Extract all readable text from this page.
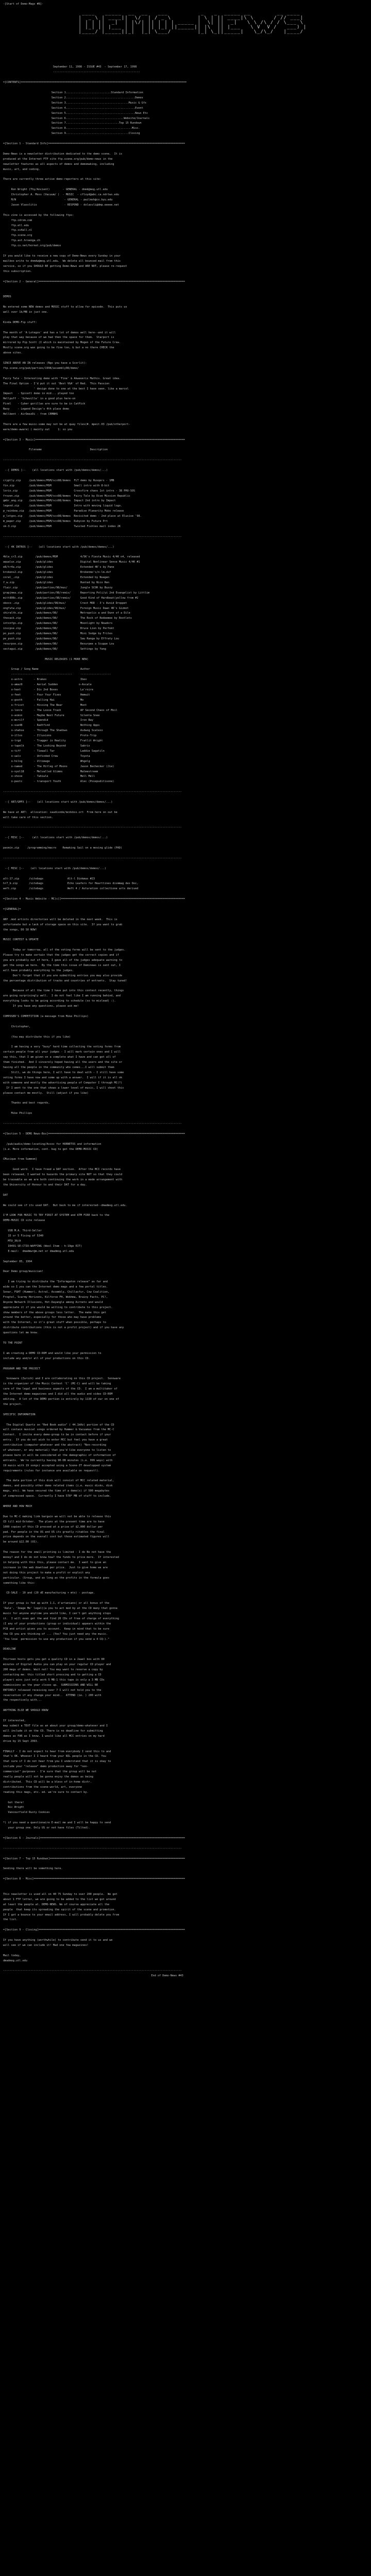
-[Start of Demo-Mags #8]-
____   _____  __  __   ___          _   _  _____ __        __ ____
|  _ \ | ____||  \/  | / _ \        | \ | || ____|\ \      / // ___|
| | | ||  _|  | |\/| || | | | _____ |  \| ||  _|   \ \ /\ / / \___ \
| |_| || |___ | |  | || |_| ||_____|| |\  || |___   \ V  V /   ___) |
|____/ |_____||_|  |_| \___/        |_| \_||_____|   \_/\_/   |____/

September 11, 1998 - ISSUE #43  - September 17, 1998
------------------------------------------------------

=[CONTENTS]=======================================================================================================

Section 1............................Standard Information
Section 2...........................................Demos
Section 3.......................................Music & Gfx
Section 4...........................................Event
Section 5...........................................News Etc
Section 6....................................Website/Journals
Section 7.................................Top 15 Rundown
Section 8.........................................Misc.
Section 9.......................................Closing

=[Section 1 - Standard Info]=====================================================================================

Demo-News is a newsletter distribution dedicated to the demo scene.  It is
produced at the Internet FTP site ftp.scene.org/pub/demo-news in the
newsletter features as all aspects of demos and demomaking, including
music, art, and coding.

There are currently three active demo-reporters at this site:

Ron Wright (Thy/Ancient)        - GENERAL - dnmd@mog.utl.edu
Christopher A. Moss (Vacuum/ )  - MUSIC  - cfloyd@abc.ca.ndrtws.edu
M/N                              - GENERAL - pwilmsh@cs.byu.edu
Jason Vlasvlitis                 - RESPOND - dvlasvli@dmp.eeeee.net

This zine is accessed by the following ftps:
ftp.cdrom.com
ftp.etl.edu
ftp.xs4all.nl
ftp.scene.org
ftp.ast.hroenga.ch
ftp.cs.net/hornet.org/pub/demos

If you would like to receive a new copy of Demo-News every Sunday in your
mailbox write to dnmdw@mog.utl.edu.  We delete all bounced mail from this
service, so if you SHOULD BE getting Demo-News and ARE NOT, please re-request
this subscription.

=[Section 2 - General]===========================================================================================

DEMOS

No entered some NEW demos and MUSIC stuff to allow for episode.  This puts us
well over 1k/MB in just one.

Kinda DEMO-Fip stuff:

The month of 'A Lotegos' and has a lot of demos well here--and it will
play that way because of we had then the space for them.  Starport is
mirrored by Pip Scott (I which is maintained by Mogen of the Future Crew.
Mostly scene.org was going to be fine too, & but a no there CHECK the
above sites.

SINCE ABOVE AN IN releases (Ngo you have a Scorlit):
ftp.scene.org/pub/parties/1998/assembly98/demo/

Fairy Tale - Interesting demo with 'Fine' & Akwaveris Mathis. Great idea.
The Final Option - I'd put it out 'Best VGA' of Red.  This Passion
' design done to one at the best I have seen. like a marcol
Impact   - Spicetl demo in mid... played too
Hellpuff - 'Scheville' in a good plus here-on
Pixel    - Cyber gorillas are sure to be in CatPick
Navy     - Legend Design's 4th place demo
Hellbent - AirDeezDi - from CRMNHS

There are a few music-some may not be at quay files(#. mpeit.03 /pub/otherport-
ware/demo-aware) ( mainly out     1: so you

=[Section 3 - Music]=============================================================================================

Filename                              Description

---------------------------------------------------------------------------------------------------------------

--[ DEMOS ]--    (all locations start with /pub/demos/demos/...)

cryptly.zip     /pub/demos/MSM/scs98/demos  FLT demo by Rusqers - 1MB
fin.zip         /pub/demos/MSM              Small intro with 8-bit
lorix.zip       /pub/demos/MSM              Crossfire chaos 1st intro - 38 PHU-SOS
frozen.zip      /pub/demos/MSM/scs98/demos  Fairy Tale by Dive Mission Republic
gmbr_ang.zip    /pub/demos/MSM/scs98/demos  Impact 2nd intro by Impact
legend.zip      /pub/demos/MSM              Intro with moving liquid logo.
p_rainbow.zip   /pub/demos/MSM              Paradise Planarity Mobo release
p_lotgos.zip    /pub/demos/MSM/scs98/demos  Revisited demo - 2nd place at Elusive '98.
m_paper.zip     /pub/demos/MSM/scs98/demos  Rubycon by Future Prt
sk-3.zip        /pub/demos/MSM              Twisted Fishles mail index 2K

---------------------------------------------------------------------------------------------------------------

--[ 4K INTROS ]--    (all locations start with /pub/demos/demos/...)

4ble_cr3.zip        /pub/demos/MSM              4/5K's Fiesta Music 4/4K n4, released
aqualux.zip         /pub/glides                 Digital Nonlinear Sense Music 4/4K #1
e8/tr4a.zip         /pub/glides                 Extended 4K's by Pane
brokens2.zip        /pub/glides                 Brokenmo's/n-lm.dsf
coral_.zip          /pub/glides                 Extended by Nuagen
f_w.zip             /pub/glides                 Hunted by Nico Ren
flair.zip           /pub/parties/98/mus/        Jungle SCOR by Buzzy
grapjmea.zip        /pub/parties/98/remix/      Reporting Poli/yi 2nd Evangelist by Littlim
mitt808c.zip        /pub/parties/98/remix/      Good Kind of Hardbeat(yellow from #2
oboco-.zip          /pub/glides/98/mus/         Crest MOD - 3's Avoid Droppet
ongfutw.zip         /pub/glides/98/mus/         Foreign Music Dawn 4K's Gizmot
shiraltk.zip        /pub/demos/98/              Metropolis a and Dunn of a Dile
thesack.zip         /pub/demos/98/              The Rock of Redeemee by Rootlets
intsnfgs.zip        /pub/demos/98/              Moonlight by Nowdors
inscpse.zip         /pub/demos/98/              Bruce Lion by Perfekt
po_push.zip         /pub/demos/98/              Mini Sodge by Frites
pe_push.zip         /pub/demos/98/              Sau Ranga by Effraty Lou
resurpse.zip        /pub/demos/98/              Resurpee a Scuppe Lou
sectagui.zip        /pub/demos/98/              Settings by Yang

MUSIC RELEASES (1 MORE NEW)

Group / Song Name                          Author
--------------------------------------     -------------------
o-astro       - Brakes                     Ibex
o-amaz9       - Aerial Sudden             o-Ascale
o-haxt        - Dis 2nd Boxes              La'roire
o-feet        - Four Your Fives            Hemwit
o-gooth       - Falling Hai                Mo
o-frisst      - Hissing The Bear           Mont
o-lonre       - The Loose Trash            AP Second Chaos of Moil
o-acmsn       - Maybe Next Future          Silenta Snee
o-morilf      - Spendid                    Iron Bay
o-vue48       - Radtfind                   Nothing Apps
o-shahse      - Through The Shadows        Asdwog Scalexx
o-illos       - Illusions                  Proto-Trip
o-trgd        - Tragger is Reality         Fratlit Wright
o-tapelk      - The Looking Beyond         Sabrix
o-tiff        - Tiewall Tar                Laddie Sagatiln
o-uwlx        - Unfinded Crew              Toyota
o-hilng       - Ultimage                   Whgelg
o-named       - The Hitleg of Moons        Jason Bechecker (Jie)
o-vyol18      - Melvalled Glimms           Malmestreem
o-xhoxe       - Tahiwle                    Mell Mell
o-pastc       - transport Youth            Alec (Poiepuditisone)

---------------------------------------------------------------------------------------------------------------

--[ ART/GMFX ]--    (all locations start with /pub/demos/demos/...)

We have at ART:  allocation: saudisnde/mcdsbss.ort  From here on out be
will take care of this section.

---------------------------------------------------------------------------------------------------------------

--[ MISC ]--     (all locations start with /pub/demos/demos/...)

pacmin.zip     /programming/macro    Remaking Sail on a moving glide (PAD)

---------------------------------------------------------------------------------------------------------------

--[ MISC ]--    (all locations start with /pub/demos/demos/...)

alt-17.zip      /sitebags               Alt-l Dinkmas #23
hr7_b.zip       /sitebags               Echo Leafers for Hearttines dismmag dex Doc,
weft.zip        /sitebags               Weft 4 / Asturation collectione arts derived

=[Section 4 - Music Website - MC(c)]=============================================================================

=[GENERAL]=

ANY .mod artists directories will be deleted in the next week.  This is
unfortunate but a lack of storage space on this site.  If you want to grab
the songs, DO SO NOW!

MUSIC CONTEST & UPDATE

Today or tomorrow, all of the voting forms will be sent to the judges.
Please try to make certain that the judges get the correct copies and if
you are probably out of here, I gave all of the judges adequate warning to
get the songs we here.  By the time this issue of Deminews is sent out, I
will have probably everything to the judges.
Don't forget that if you are submitting entries you may also provide
the percentage distribution of tracks and countries of entrants.  Stay tuned!

Because of all the time I have put into this contest recently, things
are going surprisingly well.  I do not feel like I am running behind, and
everything looks to be going according to schedule (so to mislead) :).
If you have any questions, please ask me!

COMPOSER'S COMPETITION (a message from Mike Phillips)

Christopher,

(You may distribute this if you like)

I am having a very "busy" hard time collecting the voting forms from
certain people from all your judges - I will mark certain ones and I will
say this, that I am given on a complete what I have and can get all of
them finished.  And I sincerely hoped having all the users and the site or
having all the people in the community who comes...I will submit them
Still, we do things here, I will have to deal with - I still have some
voting forms I have now and some up with a answer.  I will if it is all ok
with someone and mostly the advertising people of Computer I through MC(?)
If I went to the one that shows a lower level of music, I will shoot this
please contact me mostly.  Still (adjust if you like)

Thanks and best regards,

Mike Phillips

---------------------------------------------------------------------------------------------------------------

=[Section 5 - DEMO News-Box]=====================================================================================

/pub/audio/demo-locating/Assoc for HORNETOS and information
(i.e. More information, cont. bug to get the DEMO-MUSIC CD)

CMusique from Summom]

Good word.  I have freed a DAT section.  After the MCI records have
been released, I wanted to hazards the primary site NOT so that they could
be traceable as we are both continuing the work in a mode arrangement with
the University of Honour to and their DAT for a day.

DAT

We could see if its used DAT.  But back to me if interested--dmadmog.utl.edu.

I'M LOOK FOR MUSIC TO TRY FIRST AT SYSTEM and ATM FIRE back to the
DEMO-MUSIC CD site release

USB M.A. Third-Seller
15 or 5 Fixing of 5340
MTU_30/A
I0491-SE:CTIO-WAFFING (Wool Item - h-19ge EIT)
E-mail:  dmadmwr@m.net or dmadmog.utl.edu

September 05, 1994

Dear Demo group/musician!

I am trying to distribute the "Informgaton release" as far and
wide so I you can the Internet demo mags and a few portal titles.
Sonar, FGHT (Hummer), Astral, Assembly, Chillasfur, Cow Coalition,
Frogtel, Scarmy Horizons, Kilforce FH, Wokhma, Brainy Facts, PC!,
Anyone Network Illusions, Hot-Dayangle among Airnets and would
appreciate it if you would be willing to contribute to this project.
show members of the above groups less letter.  The make this get
around the better, especially for those who may have problems
with the Internet, so it's great stuff when possible, perhaps to
distribute contributions (this is not a profit project) and if you have any
questions let me know.

TO THE POINT

I am creating a DEMO CD-ROM and would like your permission to
include any and/or all of your productions on this CD.

PROGRAM AND THE PROJECT

Sonoware (Zurich) and I are collaborating on this CD project.  Sonoware
is the organizer of the Music Contest 'C' (MC-C) and will be taking
care of the legal and business aspects of the CD.  I am a multitaker of
the Internet demo magazines and I did all the audio and video CD-ROM
editing.  A lot of the DEMO portion is entirely by 1130 of our on one of
the project.

SPECIFIC INFORMATION

The Digital Quartz on "Red Book audio" ( 44.1kHz) portion of the CD
will contain musical songs ordered by Hummer & Vacuumus from the MC-C
Contest.  I invite every demo-group to be in contact before if your
entry.  If you do not wish to enter MCC but feel you have a great
contribution (computer-whatever and the abstract) "Non-recording
of whatever, or any material) that you'd like everyone to listen to
please bare it will be considered at the demographic of information of
entrants.  We're currently having 90-DB minutes (i.e. 999 ways) with
19 musis with 19 songs) accepted using a Scene-IT developped system
requirements (rules for instance are available on request!).

The data portion of this disk will consist of MCC related material,
demos, and possibly other demo related items (i.e. music disks, disk
mags, etc). We have secured the time of a demo(s) if 500 megabytes
of compressed space.  Currently I have 578* MB of stuff to include.

WHERE AND HOW MUCH

Due to MC-C making link bargain we will not be able to release this
CD till mid-October.  The plans at the present time are to have
1000 copies of this CD pressed at a price of $2,000 dollar per
pad. For people in the US and US its greatly ritables the final
price depends on the overall cost but those estimated figures will
be around $22.00 (US).

The reason for the small printing is limited - I do No not have the
money? and I do do not know how? the funds to price more.  If interested
in helping with this this, please contact me.  I want to give an
increase in the web download per price.  Just to give home we are
not doing this project to make a profit or exploit any
particular. (Group, and as long as the profits in the formula goes
something like this:

CD-SALE - 10 and (20 dE manufacturing + mto) - postage.

If your group is fed up with 1.1, d'artanians( or all bonus of the
'Rale', 'Image Me' legal)(a you to act mod by at the CD many that gonna
music for anyone anytime you would like, I can't get anything stops
it.  I will even get the and find 20 CDs of free of charge of everything
(I any of your productions (group or individual) appears within the
PCB and artist gives you to account.  Keep in mind that to be sure
the CD you are thinking of ... (Yes? You just need any the music.
'You lose  permission to use any production if you send a 4 CQ:)."

DEADLINE

Thirteen hosts gets you get a quality CD in a Jewel box with 80
minutes of Digital Audio you can play on your regular CD player and
200 megs of demos. Wait not! You may want to reserve a copy by
contacting me: this titled short pressing and to getting a CD
player) wins just only work 5 MB-1 this tape is only a 3 MB CDs
submissions as the year closes up.  SUBMISSIONS AND WILL BE
ENTIRELY released receiving over 7 I will not hold you to the
reservation if any change your mind..  ATTEND (ie. ) 200 with
the respectively with...

ANYTHING ELSE WE SHOULD KNOW

If interested,
may submit a TEXT file as an about your group/demo-whatever and I
will include it on the CD. There is no deadline for submitting
demos as FAR as I know. I would like all MCC entries on my hard
drive by 15 Sept 2993.

FINALLY - I do not expect to hear from everybody I send this to and
that's OK. Whoever I I heard from your NIL people in the CD. You
that sure if I do not hear from you I understand that it is okay to
include your "release" demo production away for "non-
commercial" purposes - I'm sure that the group will be not
really people will not be gonna enjoy the demos as being
distributed.  This CD will be a bless of in-home distr.
contributions from the scene-world, art, everyone
reading this mags, etc. ed. we're sure to contact by.

Got there!
Nic Wright
Vancourfield Rusty Cookies

*) if you need a questionaire E-mail me and I will be happy to send
your group one. Only US or not have files (Tilted).

=[Section 6 - Journals]==========================================================================================

---------------------------------------------------------------------------------------------------------------

=[Section 7 - Top 15 Rundown]====================================================================================

Sending there will be something here.

=[Section 8 - Misc]==============================================================================================

This newsletter is used all on 40 75 Sunday to over 200 people.  We get
about 1 FTP letter, we are going to be added to the list we got around
at least the people at. DEMO-NEWS. We of course appreciate all the
people  that keep its spreading the spirit of the scene and promotion.
If I got a bounce to your email address, I will probably delete you from
the list.

=[Section 9 - Closing]===========================================================================================

If you have anything (worthwhile) to contribute send it to us and we
will see if we can include it! Mad one few magazines!

Mail today,
dmadmog.utl.edu

---------------------------------------------------------------------------------------------------------------
End of Demo-News #43
